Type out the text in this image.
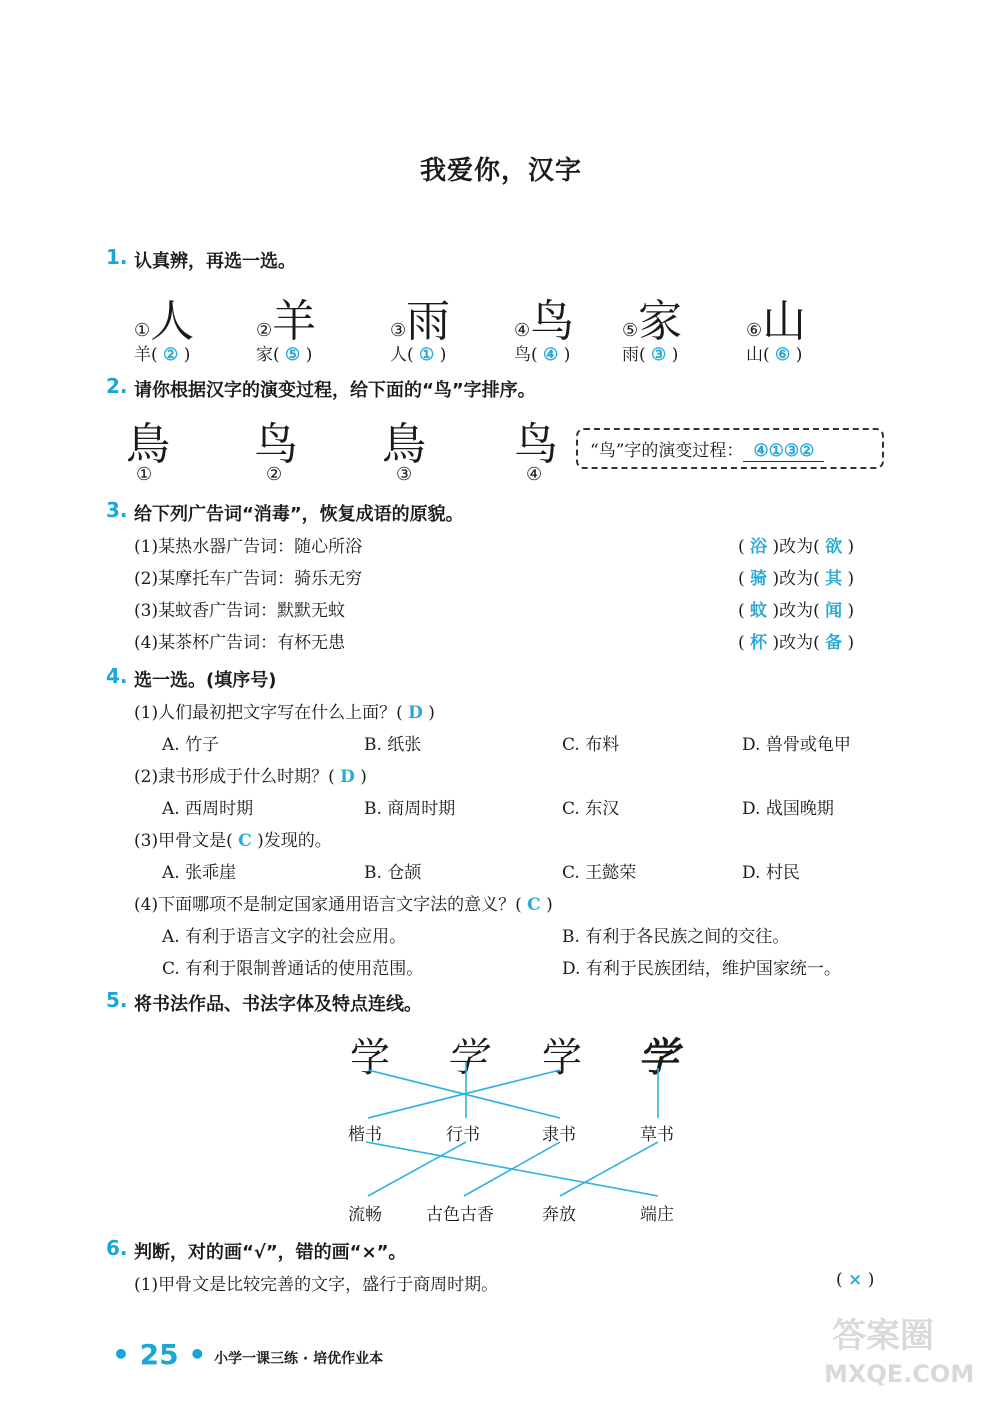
我爱你，汉字
1. 认真辨，再选一选。
①人	②羊	③雨	④鸟	⑤家	⑥山
羊( ② )	家( ⑤ )	人( ① )	鸟( ④ )	雨( ③ )	山( ⑥ )
2. 请你根据汉字的演变过程，给下面的“鸟”字排序。
鳥 鸟 鳥 鸟
①	②	③	④
“鸟”字的演变过程： ④①③②
3. 给下列广告词“消毒”，恢复成语的原貌。
(1)某热水器广告词：随心所浴	( 浴 )改为( 欲 )
(2)某摩托车广告词：骑乐无穷	( 骑 )改为( 其 )
(3)某蚊香广告词：默默无蚊	( 蚊 )改为( 闻 )
(4)某茶杯广告词：有杯无患	( 杯 )改为( 备 )
4. 选一选。(填序号)
(1)人们最初把文字写在什么上面？( D )
A. 竹子	B. 纸张	C. 布料	D. 兽骨或龟甲
(2)隶书形成于什么时期？( D )
A. 西周时期	B. 商周时期	C. 东汉	D. 战国晚期
(3)甲骨文是( C )发现的。
A. 张乖崖	B. 仓颉	C. 王懿荣	D. 村民
(4)下面哪项不是制定国家通用语言文字法的意义？( C )
A. 有利于语言文字的社会应用。	B. 有利于各民族之间的交往。
C. 有利于限制普通话的使用范围。	D. 有利于民族团结，维护国家统一。
5. 将书法作品、书法字体及特点连线。
学 学 学 学
楷书	行书	隶书	草书
流畅	古色古香	奔放	端庄
6. 判断，对的画“√”，错的画“×”。
(1)甲骨文是比较完善的文字，盛行于商周时期。	( × )
• 25 • 小学一课三练 · 培优作业本
答案圈
MXQE.COM
